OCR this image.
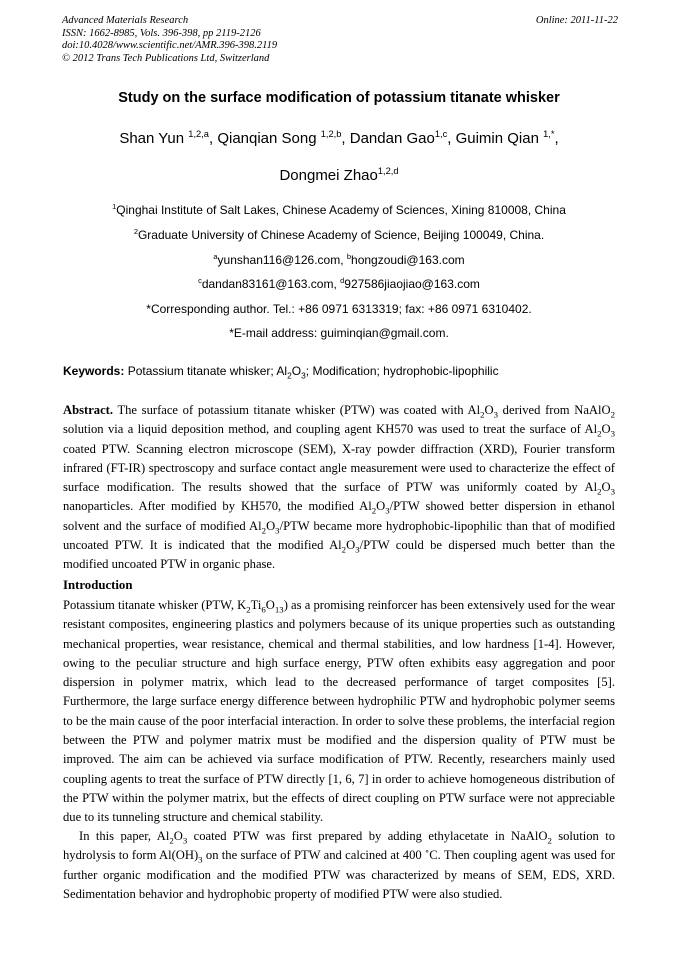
Advanced Materials Research
ISSN: 1662-8985, Vols. 396-398, pp 2119-2126
doi:10.4028/www.scientific.net/AMR.396-398.2119
© 2012 Trans Tech Publications Ltd, Switzerland
Online: 2011-11-22
Study on the surface modification of potassium titanate whisker
Shan Yun $^{1,2,a}$, Qianqian Song $^{1,2,b}$, Dandan Gao$^{1,c}$, Guimin Qian $^{1,*}$,
Dongmei Zhao$^{1,2,d}$
$^1$Qinghai Institute of Salt Lakes, Chinese Academy of Sciences, Xining 810008, China
$^2$Graduate University of Chinese Academy of Science, Beijing 100049, China.
$^a$yunshan116@126.com, $^b$hongzoudi@163.com
$^c$dandan83161@163.com, $^d$927586jiaojiao@163.com
*Corresponding author. Tel.: +86 0971 6313319; fax: +86 0971 6310402.
*E-mail address: guiminqian@gmail.com.
Keywords: Potassium titanate whisker; $Al_2O_3$; Modification; hydrophobic-lipophilic
Abstract. The surface of potassium titanate whisker (PTW) was coated with $Al_2O_3$ derived from NaAlO$_2$ solution via a liquid deposition method, and coupling agent KH570 was used to treat the surface of $Al_2O_3$ coated PTW. Scanning electron microscope (SEM), X-ray powder diffraction (XRD), Fourier transform infrared (FT-IR) spectroscopy and surface contact angle measurement were used to characterize the effect of surface modification. The results showed that the surface of PTW was uniformly coated by $Al_2O_3$ nanoparticles. After modified by KH570, the modified $Al_2O_3$/PTW showed better dispersion in ethanol solvent and the surface of modified $Al_2O_3$/PTW became more hydrophobic-lipophilic than that of modified uncoated PTW. It is indicated that the modified $Al_2O_3$/PTW could be dispersed much better than the modified uncoated PTW in organic phase.
Introduction
Potassium titanate whisker (PTW, $K_2Ti_6O_{13}$) as a promising reinforcer has been extensively used for the wear resistant composites, engineering plastics and polymers because of its unique properties such as outstanding mechanical properties, wear resistance, chemical and thermal stabilities, and low hardness [1-4]. However, owing to the peculiar structure and high surface energy, PTW often exhibits easy aggregation and poor dispersion in polymer matrix, which lead to the decreased performance of target composites [5]. Furthermore, the large surface energy difference between hydrophilic PTW and hydrophobic polymer seems to be the main cause of the poor interfacial interaction. In order to solve these problems, the interfacial region between the PTW and polymer matrix must be modified and the dispersion quality of PTW must be improved. The aim can be achieved via surface modification of PTW. Recently, researchers mainly used coupling agents to treat the surface of PTW directly [1, 6, 7] in order to achieve homogeneous distribution of the PTW within the polymer matrix, but the effects of direct coupling on PTW surface were not appreciable due to its tunneling structure and chemical stability.
In this paper, $Al_2O_3$ coated PTW was first prepared by adding ethylacetate in NaAlO$_2$ solution to hydrolysis to form $Al(OH)_3$ on the surface of PTW and calcined at 400 ˚C. Then coupling agent was used for further organic modification and the modified PTW was characterized by means of SEM, EDS, XRD. Sedimentation behavior and hydrophobic property of modified PTW were also studied.
